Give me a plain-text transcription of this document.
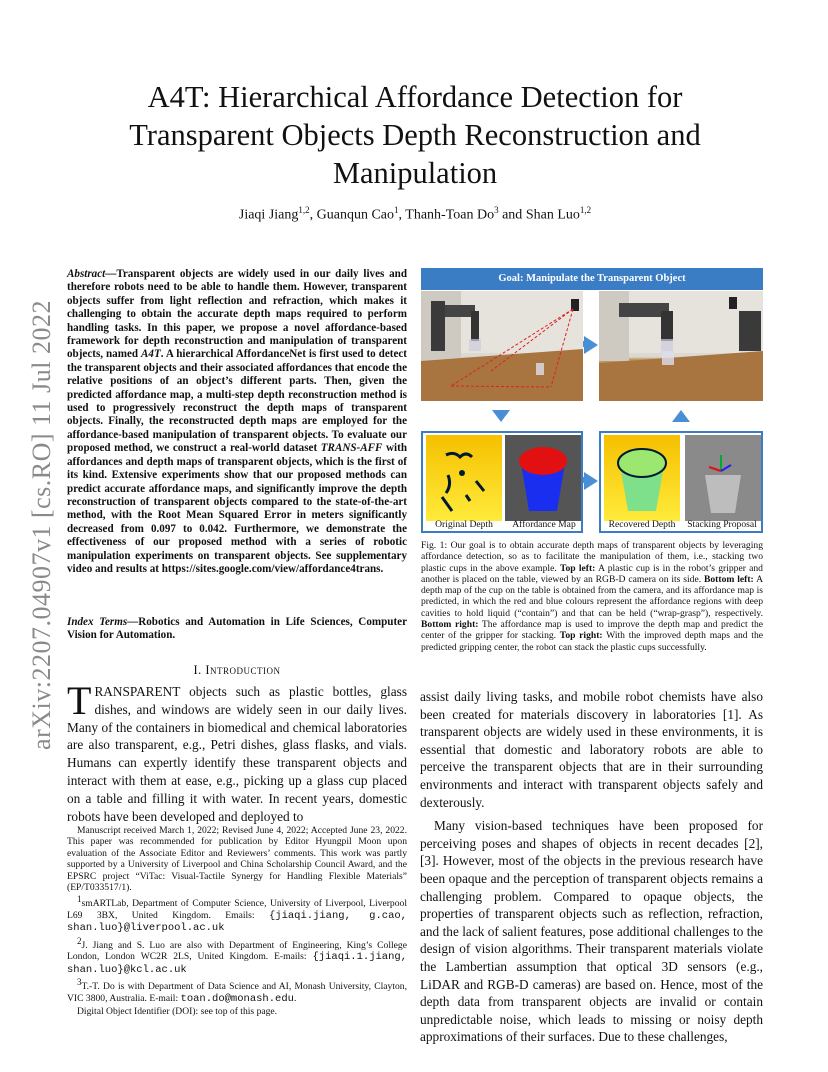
arXiv:2207.04907v1 [cs.RO] 11 Jul 2022
A4T: Hierarchical Affordance Detection for Transparent Objects Depth Reconstruction and Manipulation
Jiaqi Jiang$^{1,2}$, Guanqun Cao$^1$, Thanh-Toan Do$^3$ and Shan Luo$^{1,2}$
Abstract—Transparent objects are widely used in our daily lives and therefore robots need to be able to handle them. However, transparent objects suffer from light reflection and refraction, which makes it challenging to obtain the accurate depth maps required to perform handling tasks. In this paper, we propose a novel affordance-based framework for depth reconstruction and manipulation of transparent objects, named A4T. A hierarchical AffordanceNet is first used to detect the transparent objects and their associated affordances that encode the relative positions of an object’s different parts. Then, given the predicted affordance map, a multi-step depth reconstruction method is used to progressively reconstruct the depth maps of transparent objects. Finally, the reconstructed depth maps are employed for the affordance-based manipulation of transparent objects. To evaluate our proposed method, we construct a real-world dataset TRANS-AFF with affordances and depth maps of transparent objects, which is the first of its kind. Extensive experiments show that our proposed methods can predict accurate affordance maps, and significantly improve the depth reconstruction of transparent objects compared to the state-of-the-art method, with the Root Mean Squared Error in meters significantly decreased from 0.097 to 0.042. Furthermore, we demonstrate the effectiveness of our proposed method with a series of robotic manipulation experiments on transparent objects. See supplementary video and results at https://sites.google.com/view/affordance4trans.
Index Terms—Robotics and Automation in Life Sciences, Computer Vision for Automation.
I. Introduction
TRANSPARENT objects such as plastic bottles, glass dishes, and windows are widely seen in our daily lives. Many of the containers in biomedical and chemical laboratories are also transparent, e.g., Petri dishes, glass flasks, and vials. Humans can expertly identify these transparent objects and interact with them at ease, e.g., picking up a glass cup placed on a table and filling it with water. In recent years, domestic robots have been developed and deployed to

Manuscript received March 1, 2022; Revised June 4, 2022; Accepted June 23, 2022. This paper was recommended for publication by Editor Hyungpil Moon upon evaluation of the Associate Editor and Reviewers’ comments. This work was partly supported by a University of Liverpool and China Scholarship Council Award, and the EPSRC project “ViTac: Visual-Tactile Synergy for Handling Flexible Materials” (EP/T033517/1).

$^1$smARTLab, Department of Computer Science, University of Liverpool, Liverpool L69 3BX, United Kingdom. Emails: {jiaqi.jiang, g.cao, shan.luo}@liverpool.ac.uk

$^2$J. Jiang and S. Luo are also with Department of Engineering, King’s College London, London WC2R 2LS, United Kingdom. E-mails: {jiaqi.1.jiang, shan.luo}@kcl.ac.uk

$^3$T.-T. Do is with Department of Data Science and AI, Monash University, Clayton, VIC 3800, Australia. E-mail: toan.do@monash.edu.

Digital Object Identifier (DOI): see top of this page.

Goal: Manipulate the Transparent Object
Original Depth	Affordance Map	Recovered Depth	Stacking Proposal
Fig. 1: Our goal is to obtain accurate depth maps of transparent objects by leveraging affordance detection, so as to facilitate the manipulation of them, i.e., stacking two plastic cups in the above example. Top left: A plastic cup is in the robot’s gripper and another is placed on the table, viewed by an RGB-D camera on its side. Bottom left: A depth map of the cup on the table is obtained from the camera, and its affordance map is predicted, in which the red and blue colours represent the affordance regions with deep cavities to hold liquid (“contain”) and that can be held (“wrap-grasp”), respectively. Bottom right: The affordance map is used to improve the depth map and predict the center of the gripper for stacking. Top right: With the improved depth maps and the predicted gripping center, the robot can stack the plastic cups successfully.

assist daily living tasks, and mobile robot chemists have also been created for materials discovery in laboratories [1]. As transparent objects are widely used in these environments, it is essential that domestic and laboratory robots are able to perceive the transparent objects that are in their surrounding environments and interact with transparent objects safely and dexterously.

Many vision-based techniques have been proposed for perceiving poses and shapes of objects in recent decades [2], [3]. However, most of the objects in the previous research have been opaque and the perception of transparent objects remains a challenging problem. Compared to opaque objects, the properties of transparent objects such as reflection, refraction, and the lack of salient features, pose additional challenges to the design of vision algorithms. Their transparent materials violate the Lambertian assumption that optical 3D sensors (e.g., LiDAR and RGB-D cameras) are based on. Hence, most of the depth data from transparent objects are invalid or contain unpredictable noise, which leads to missing or noisy depth approximations of their surfaces. Due to these challenges,
